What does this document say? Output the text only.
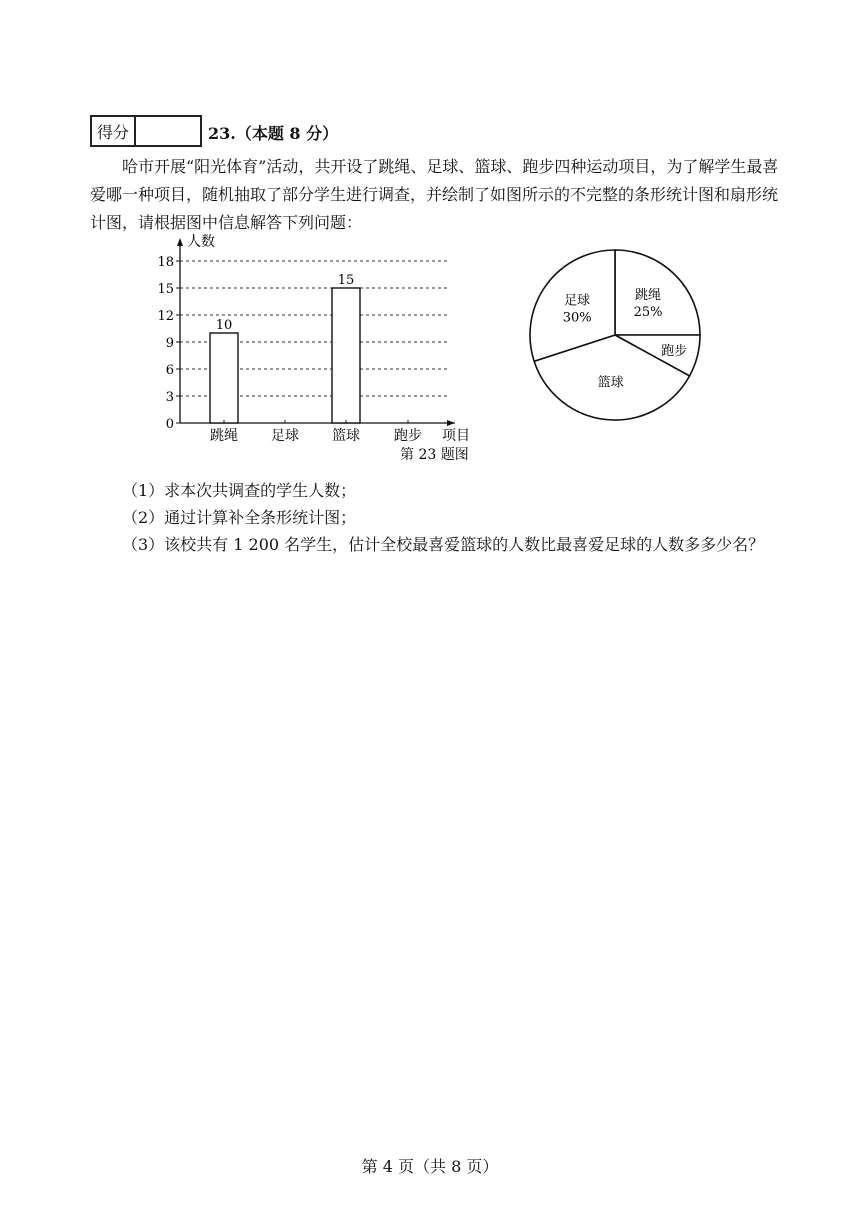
得分	23.（本题 8 分）
哈市开展“阳光体育”活动，共开设了跳绳、足球、篮球、跑步四种运动项目，为了解学生最喜爱哪一种项目，随机抽取了部分学生进行调查，并绘制了如图所示的不完整的条形统计图和扇形统计图，请根据图中信息解答下列问题：
10
15
0
3
6
9
12
15
18
跳绳 足球 篮球 跑步
人数
项目
第 23 题图
跳绳
25%
跑步
篮球
足球
30%
（1）求本次共调查的学生人数；
（2）通过计算补全条形统计图；
（3）该校共有 1 200 名学生，估计全校最喜爱篮球的人数比最喜爱足球的人数多多少名？
第 4 页（共 8 页）
